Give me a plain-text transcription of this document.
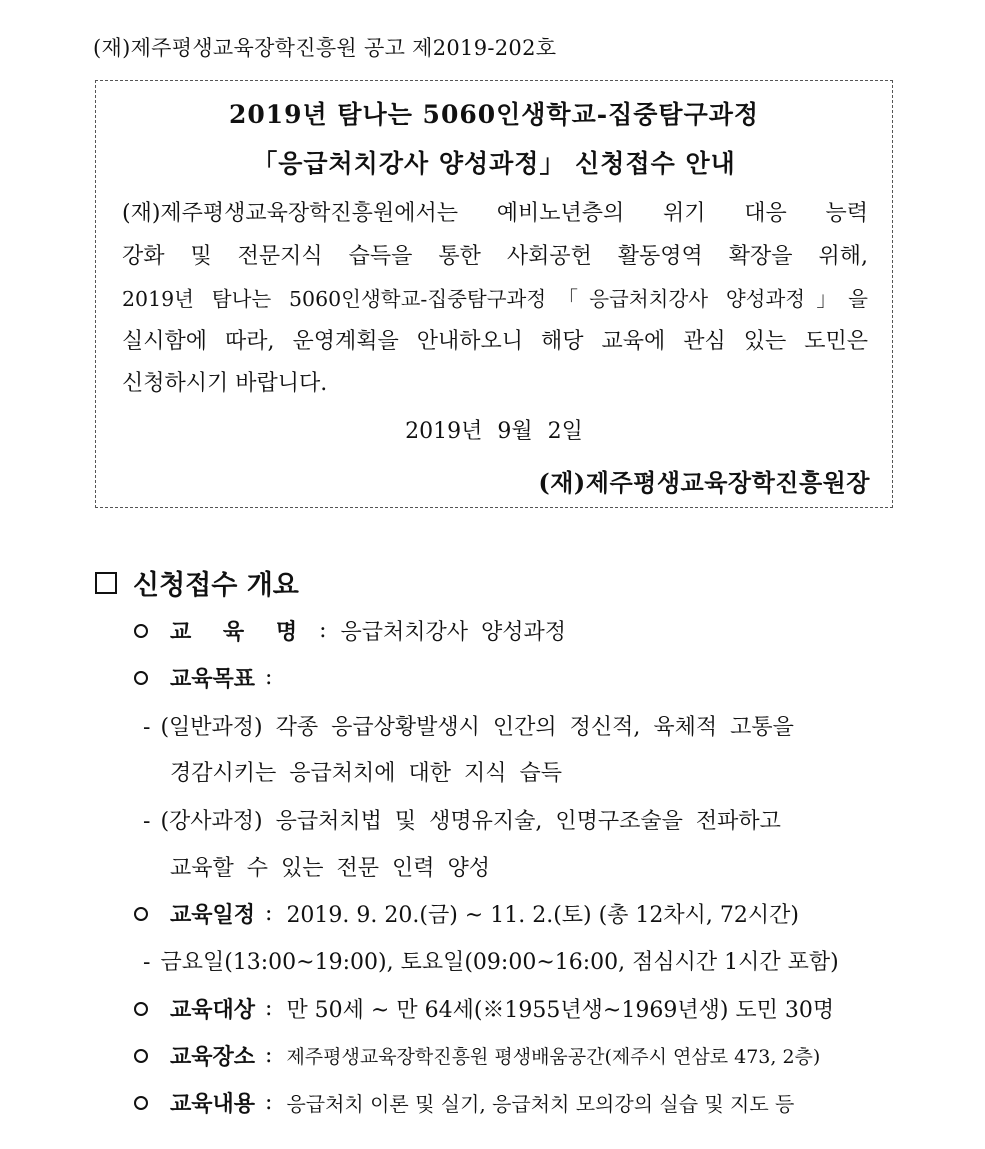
(재)제주평생교육장학진흥원 공고 제2019-202호
2019년 탐나는 5060인생학교-집중탐구과정
「응급처치강사 양성과정」 신청접수 안내
(재)제주평생교육장학진흥원에서는 예비노년층의 위기 대응 능력
강화 및 전문지식 습득을 통한 사회공헌 활동영역 확장을 위해,
2019년 탐나는 5060인생학교-집중탐구과정「응급처치강사 양성과정」을
실시함에 따라, 운영계획을 안내하오니 해당 교육에 관심 있는 도민은
신청하시기 바랍니다.
2019년 9월 2일
(재)제주평생교육장학진흥원장
신청접수 개요
교 육 명 : 응급처치강사 양성과정
교육목표 :
- (일반과정) 각종 응급상황발생시 인간의 정신적, 육체적 고통을
경감시키는 응급처치에 대한 지식 습득
- (강사과정) 응급처치법 및 생명유지술, 인명구조술을 전파하고
교육할 수 있는 전문 인력 양성
교육일정 : 2019. 9. 20.(금) ~ 11. 2.(토) (총 12차시, 72시간)
- 금요일(13:00~19:00), 토요일(09:00~16:00, 점심시간 1시간 포함)
교육대상 : 만 50세 ~ 만 64세(※1955년생~1969년생) 도민 30명
교육장소 : 제주평생교육장학진흥원 평생배움공간(제주시 연삼로 473, 2층)
교육내용 : 응급처치 이론 및 실기, 응급처치 모의강의 실습 및 지도 등
